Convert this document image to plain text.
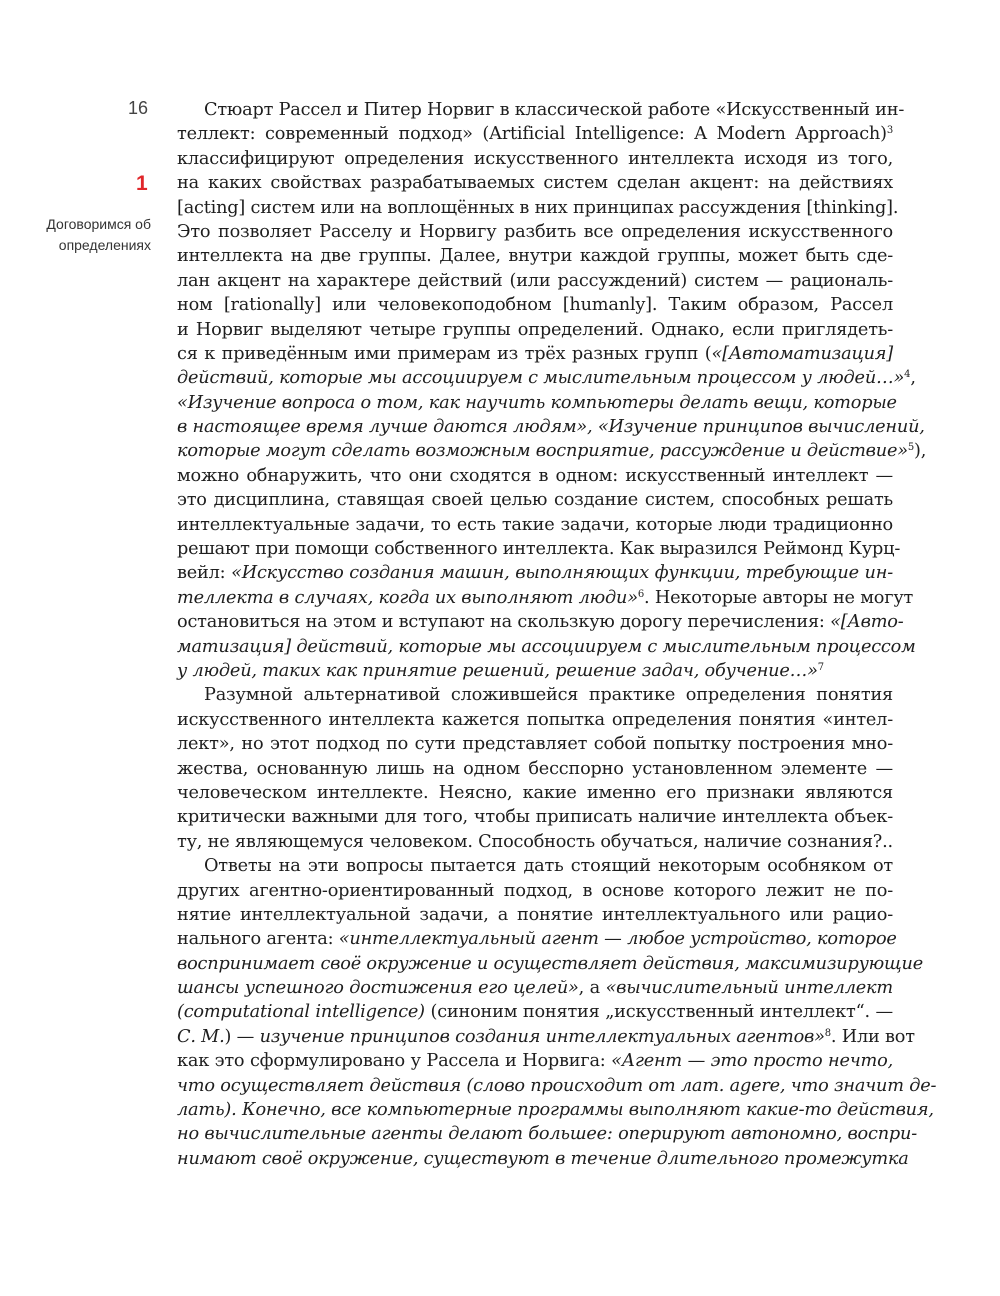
16
1
Договоримся об
определениях
Стюарт Рассел и Питер Норвиг в классической работе «Искусственный ин-
теллект: современный подход» (Artificial Intelligence: A Modern Approach)$^3$
классифицируют определения искусственного интеллекта исходя из того,
на каких свойствах разрабатываемых систем сделан акцент: на действиях
[acting] систем или на воплощённых в них принципах рассуждения [thinking].
Это позволяет Расселу и Норвигу разбить все определения искусственного
интеллекта на две группы. Далее, внутри каждой группы, может быть сде-
лан акцент на характере действий (или рассуждений) систем — рациональ-
ном [rationally] или человекоподобном [humanly]. Таким образом, Рассел
и Норвиг выделяют четыре группы определений. Однако, если приглядеть-
ся к приведённым ими примерам из трёх разных групп («[Автоматизация]
действий, которые мы ассоциируем с мыслительным процессом у людей…»$^4$,
«Изучение вопроса о том, как научить компьютеры делать вещи, которые
в настоящее время лучше даются людям», «Изучение принципов вычислений,
которые могут сделать возможным восприятие, рассуждение и действие»$^5$),
можно обнаружить, что они сходятся в одном: искусственный интеллект —
это дисциплина, ставящая своей целью создание систем, способных решать
интеллектуальные задачи, то есть такие задачи, которые люди традиционно
решают при помощи собственного интеллекта. Как выразился Реймонд Курц-
вейл: «Искусство создания машин, выполняющих функции, требующие ин-
теллекта в случаях, когда их выполняют люди»$^6$. Некоторые авторы не могут
остановиться на этом и вступают на скользкую дорогу перечисления: «[Авто-
матизация] действий, которые мы ассоциируем с мыслительным процессом
у людей, таких как принятие решений, решение задач, обучение…»$^7$
Разумной альтернативой сложившейся практике определения понятия
искусственного интеллекта кажется попытка определения понятия «интел-
лект», но этот подход по сути представляет собой попытку построения мно-
жества, основанную лишь на одном бесспорно установленном элементе —
человеческом интеллекте. Неясно, какие именно его признаки являются
критически важными для того, чтобы приписать наличие интеллекта объек-
ту, не являющемуся человеком. Способность обучаться, наличие сознания?..
Ответы на эти вопросы пытается дать стоящий некоторым особняком от
других агентно-ориентированный подход, в основе которого лежит не по-
нятие интеллектуальной задачи, а понятие интеллектуального или рацио-
нального агента: «интеллектуальный агент — любое устройство, которое
воспринимает своё окружение и осуществляет действия, максимизирующие
шансы успешного достижения его целей», а «вычислительный интеллект
(computational intelligence) (синоним понятия „искусственный интеллект“. —
С. М.) — изучение принципов создания интеллектуальных агентов»$^8$. Или вот
как это сформулировано у Рассела и Норвига: «Агент — это просто нечто,
что осуществляет действия (слово происходит от лат. agere, что значит де-
лать). Конечно, все компьютерные программы выполняют какие-то действия,
но вычислительные агенты делают большее: оперируют автономно, воспри-
нимают своё окружение, существуют в течение длительного промежутка
